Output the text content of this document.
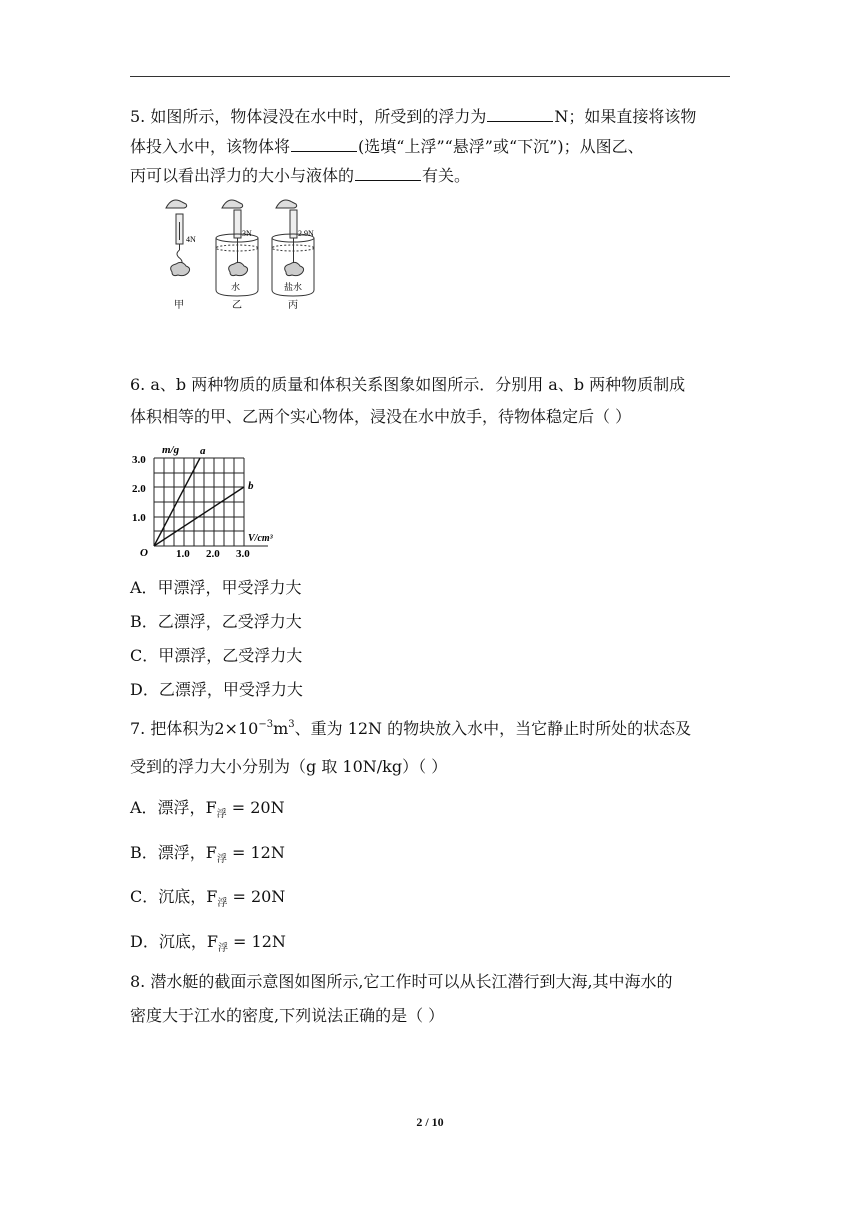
5. 如图所示，物体浸没在水中时，所受到的浮力为	N；如果直接将该物
体投入水中，该物体将	(选填“上浮”“悬浮”或“下沉”)；从图乙、
丙可以看出浮力的大小与液体的	有关。
4N
3N
水
2.9N
盐水
甲	乙	丙
6. a、b 两种物质的质量和体积关系图象如图所示．分别用 a、b 两种物质制成
体积相等的甲、乙两个实心物体，浸没在水中放手，待物体稳定后（ ）
a
b
m/g
V/cm³
O
1.0
2.0
3.0
1.0 2.0 3.0
A．甲漂浮，甲受浮力大
B．乙漂浮，乙受浮力大
C．甲漂浮，乙受浮力大
D．乙漂浮，甲受浮力大
7. 把体积为$2\times 10^{-3}m^3$、重为 12N 的物块放入水中，当它静止时所处的状态及
受到的浮力大小分别为（g 取 10N/kg）（ ）
A．漂浮，$F_浮 = 20N$
B．漂浮，$F_浮 = 12N$
C．沉底，$F_浮 = 20N$
D．沉底，$F_浮 = 12N$
8. 潜水艇的截面示意图如图所示,它工作时可以从长江潜行到大海,其中海水的
密度大于江水的密度,下列说法正确的是（ ）
2 / 10
